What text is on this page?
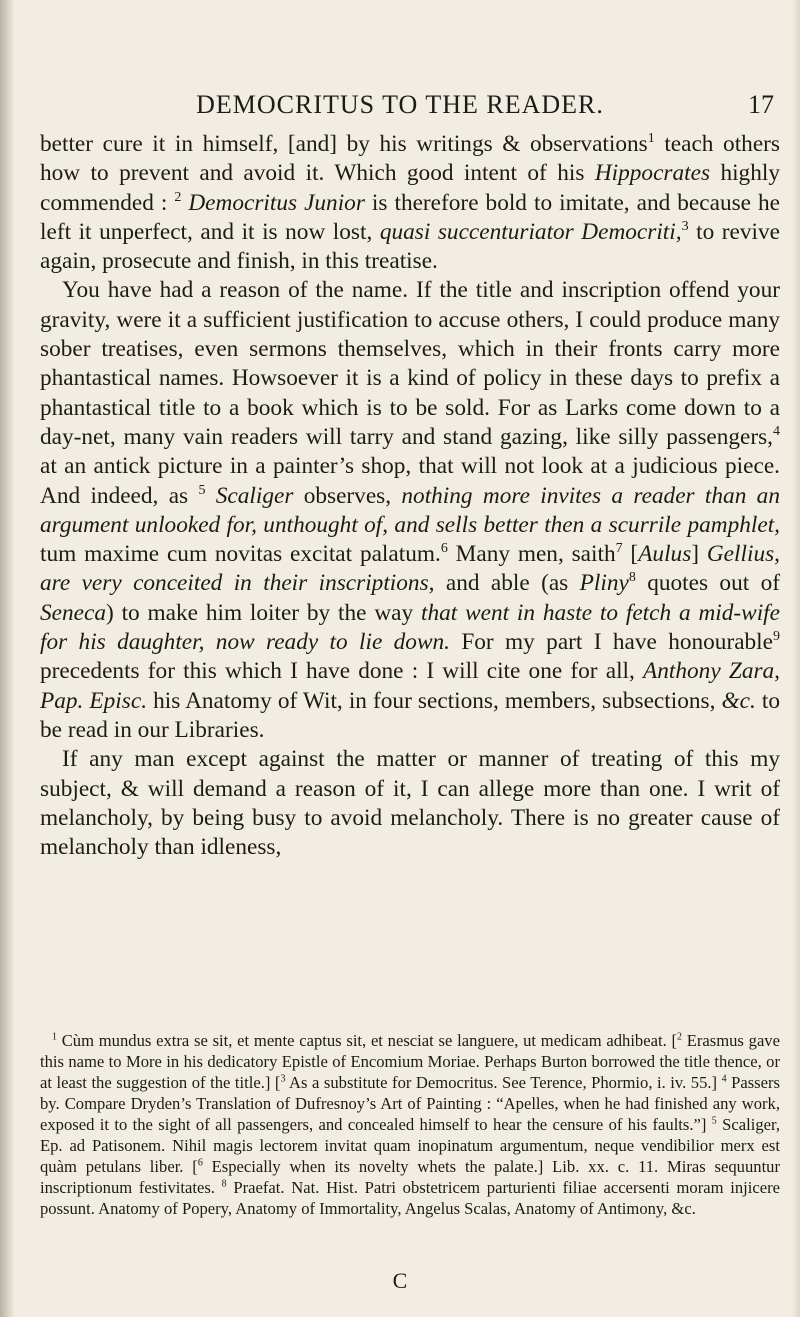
DEMOCRITUS TO THE READER.	17

better cure it in himself, [and] by his writings & observations$^1$ teach others how to prevent and avoid it. Which good intent of his Hippocrates highly commended : $^2$ Democritus Junior is therefore bold to imitate, and because he left it unperfect, and it is now lost, quasi succenturiator Democriti,$^3$ to revive again, prosecute and finish, in this treatise.

You have had a reason of the name. If the title and inscription offend your gravity, were it a sufficient justification to accuse others, I could produce many sober treatises, even sermons themselves, which in their fronts carry more phantastical names. Howsoever it is a kind of policy in these days to prefix a phantastical title to a book which is to be sold. For as Larks come down to a day-net, many vain readers will tarry and stand gazing, like silly passengers,$^4$ at an antick picture in a painter’s shop, that will not look at a judicious piece. And indeed, as $^5$ Scaliger observes, nothing more invites a reader than an argument unlooked for, unthought of, and sells better then a scurrile pamphlet, tum maxime cum novitas excitat palatum.$^6$ Many men, saith$^7$ [Aulus] Gellius, are very conceited in their inscriptions, and able (as Pliny$^8$ quotes out of Seneca) to make him loiter by the way that went in haste to fetch a mid-wife for his daughter, now ready to lie down. For my part I have honourable$^9$ precedents for this which I have done : I will cite one for all, Anthony Zara, Pap. Episc. his Anatomy of Wit, in four sections, members, subsections, &c. to be read in our Libraries.

If any man except against the matter or manner of treating of this my subject, & will demand a reason of it, I can allege more than one. I writ of melancholy, by being busy to avoid melancholy. There is no greater cause of melancholy than idleness,

$^1$ Cùm mundus extra se sit, et mente captus sit, et nesciat se languere, ut medicam adhibeat. [$^2$ Erasmus gave this name to More in his dedicatory Epistle of Encomium Moriae. Perhaps Burton borrowed the title thence, or at least the suggestion of the title.] [$^3$ As a substitute for Democritus. See Terence, Phormio, i. iv. 55.] $^4$ Passers by. Compare Dryden’s Translation of Dufresnoy’s Art of Painting : “Apelles, when he had finished any work, exposed it to the sight of all passengers, and concealed himself to hear the censure of his faults.”] $^5$ Scaliger, Ep. ad Patisonem. Nihil magis lectorem invitat quam inopinatum argumentum, neque vendibilior merx est quàm petulans liber. [$^6$ Especially when its novelty whets the palate.] Lib. xx. c. 11. Miras sequuntur inscriptionum festivitates. $^8$ Praefat. Nat. Hist. Patri obstetricem parturienti filiae accersenti moram injicere possunt. Anatomy of Popery, Anatomy of Immortality, Angelus Scalas, Anatomy of Antimony, &c.

C
